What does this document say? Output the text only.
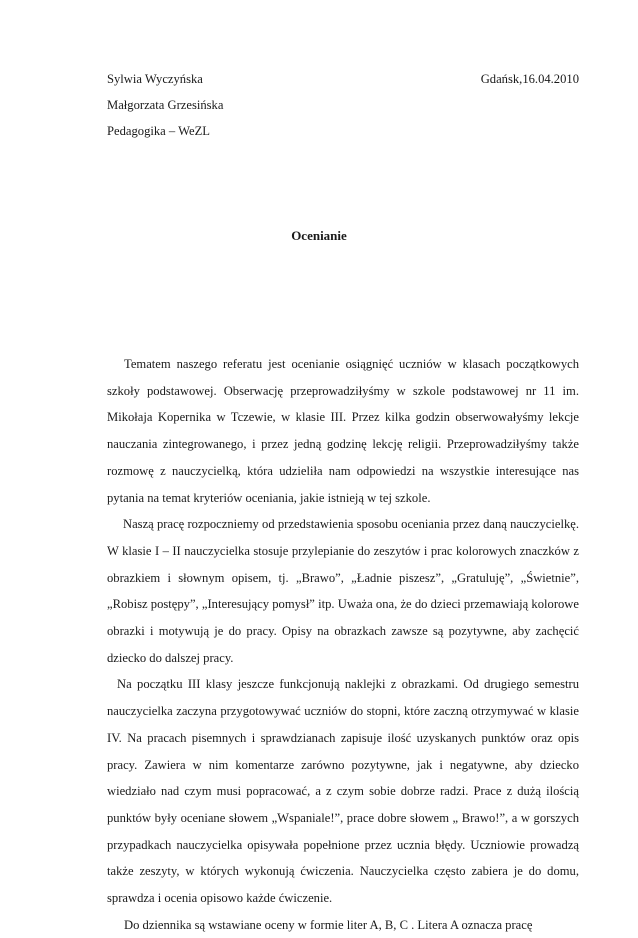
Sylwia Wyczyńska	Gdańsk,16.04.2010
Małgorzata Grzesińska
Pedagogika – WeZL
Ocenianie

Tematem naszego referatu jest ocenianie osiągnięć uczniów w klasach początkowych szkoły podstawowej. Obserwację przeprowadziłyśmy w szkole podstawowej nr 11 im. Mikołaja Kopernika w Tczewie, w klasie III. Przez kilka godzin obserwowałyśmy lekcje nauczania zintegrowanego, i przez jedną godzinę lekcję religii. Przeprowadziłyśmy także rozmowę z nauczycielką, która udzieliła nam odpowiedzi na wszystkie interesujące nas pytania na temat kryteriów oceniania, jakie istnieją w tej szkole.

Naszą pracę rozpoczniemy od przedstawienia sposobu oceniania przez daną nauczycielkę. W klasie I – II nauczycielka stosuje przylepianie do zeszytów i prac kolorowych znaczków z obrazkiem i słownym opisem, tj. „Brawo”, „Ładnie piszesz”, „Gratuluję”, „Świetnie”, „Robisz postępy”, „Interesujący pomysł” itp. Uważa ona, że do dzieci przemawiają kolorowe obrazki i motywują je do pracy. Opisy na obrazkach zawsze są pozytywne, aby zachęcić dziecko do dalszej pracy.

Na początku III klasy jeszcze funkcjonują naklejki z obrazkami. Od drugiego semestru nauczycielka zaczyna przygotowywać uczniów do stopni, które zaczną otrzymywać w klasie IV. Na pracach pisemnych i sprawdzianach zapisuje ilość uzyskanych punktów oraz opis pracy. Zawiera w nim komentarze zarówno pozytywne, jak i negatywne, aby dziecko wiedziało nad czym musi popracować, a z czym sobie dobrze radzi. Prace z dużą ilością punktów były oceniane słowem „Wspaniale!”, prace dobre słowem „ Brawo!”, a w gorszych przypadkach nauczycielka opisywała popełnione przez ucznia błędy. Uczniowie prowadzą także zeszyty, w których wykonują ćwiczenia. Nauczycielka często zabiera je do domu, sprawdza i ocenia opisowo każde ćwiczenie.

Do dziennika są wstawiane oceny w formie liter A, B, C . Litera A oznacza pracę
